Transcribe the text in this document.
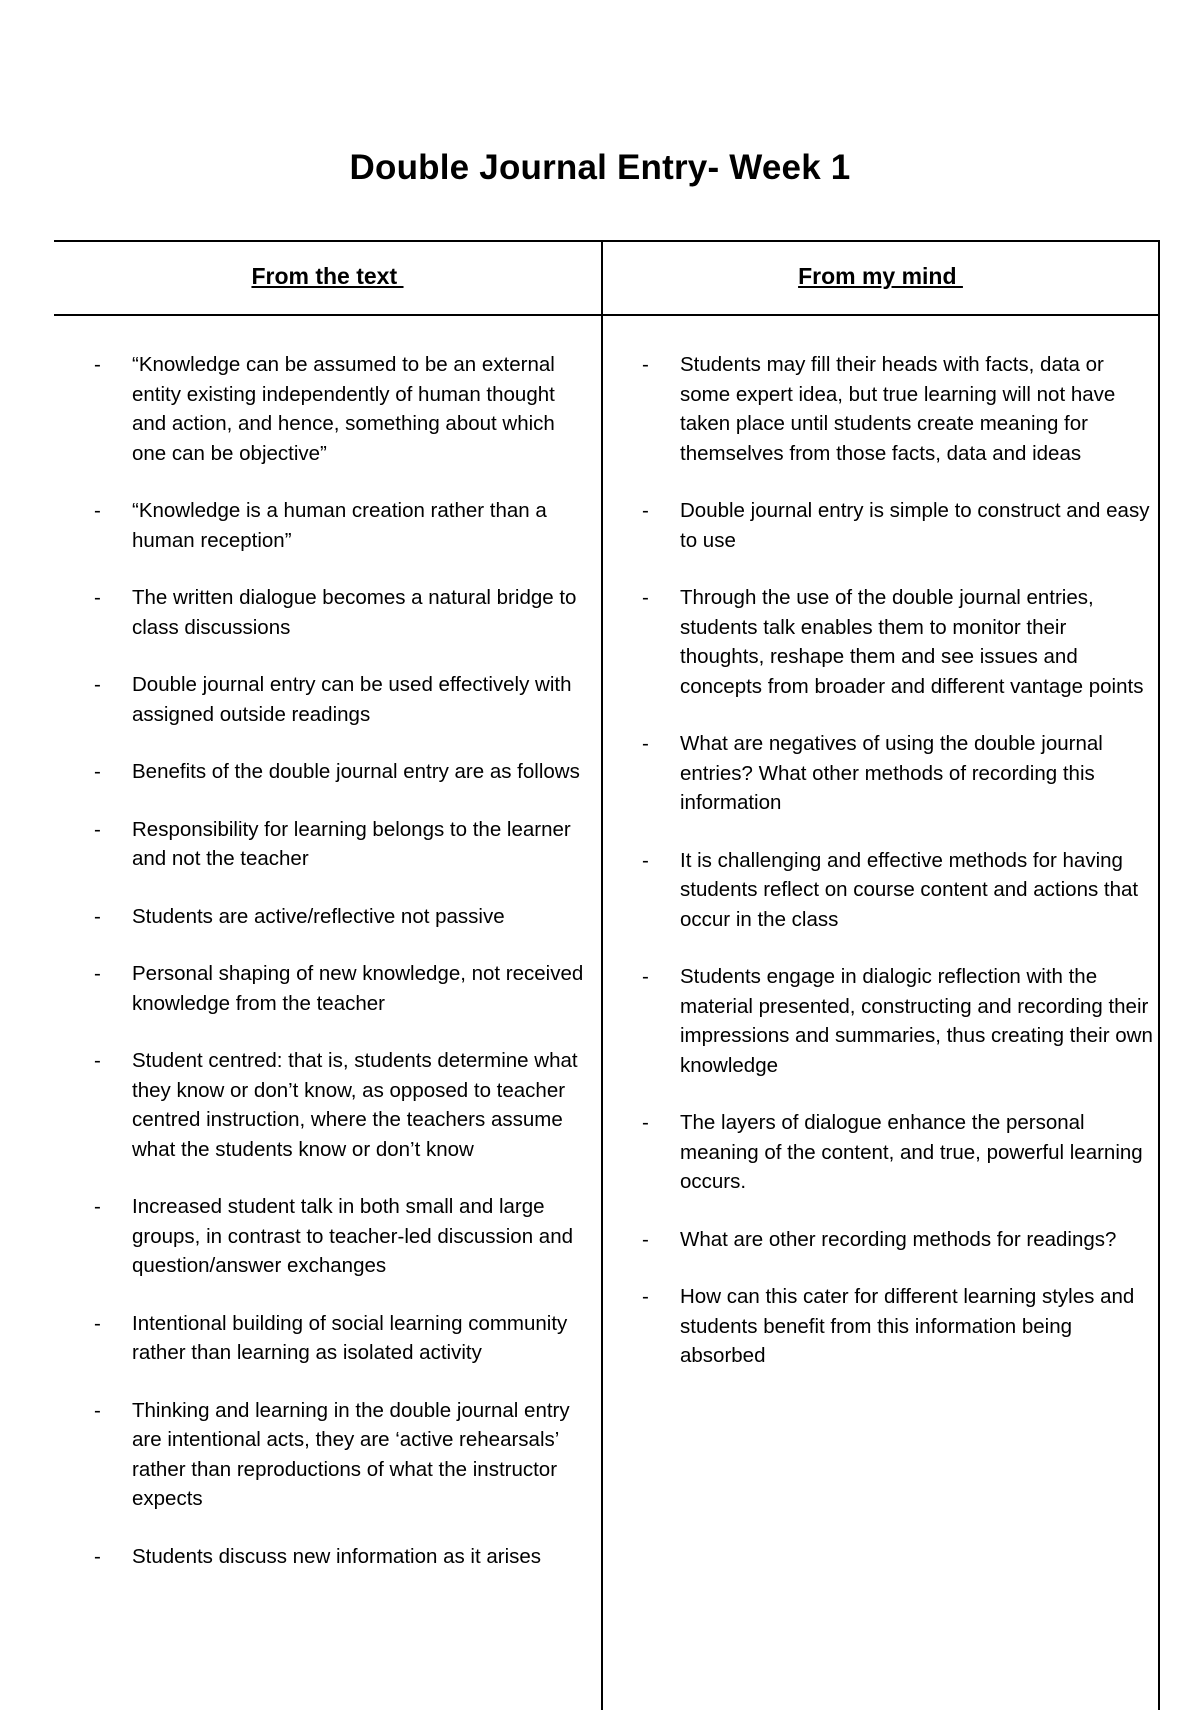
Double Journal Entry- Week 1
From the text	From my mind
- “Knowledge can be assumed to be an external entity existing independently of human thought and action, and hence, something about which one can be objective”
- “Knowledge is a human creation rather than a human reception”
- The written dialogue becomes a natural bridge to class discussions
- Double journal entry can be used effectively with assigned outside readings
- Benefits of the double journal entry are as follows
- Responsibility for learning belongs to the learner and not the teacher
- Students are active/reflective not passive
- Personal shaping of new knowledge, not received knowledge from the teacher
- Student centred: that is, students determine what they know or don’t know, as opposed to teacher centred instruction, where the teachers assume what the students know or don’t know
- Increased student talk in both small and large groups, in contrast to teacher-led discussion and question/answer exchanges
- Intentional building of social learning community rather than learning as isolated activity
- Thinking and learning in the double journal entry are intentional acts, they are ‘active rehearsals’ rather than reproductions of what the instructor expects
- Students discuss new information as it arises
- Students may fill their heads with facts, data or some expert idea, but true learning will not have taken place until students create meaning for themselves from those facts, data and ideas
- Double journal entry is simple to construct and easy to use
- Through the use of the double journal entries, students talk enables them to monitor their thoughts, reshape them and see issues and concepts from broader and different vantage points
- What are negatives of using the double journal entries? What other methods of recording this information
- It is challenging and effective methods for having students reflect on course content and actions that occur in the class
- Students engage in dialogic reflection with the material presented, constructing and recording their impressions and summaries, thus creating their own knowledge
- The layers of dialogue enhance the personal meaning of the content, and true, powerful learning occurs.
- What are other recording methods for readings?
- How can this cater for different learning styles and students benefit from this information being absorbed
